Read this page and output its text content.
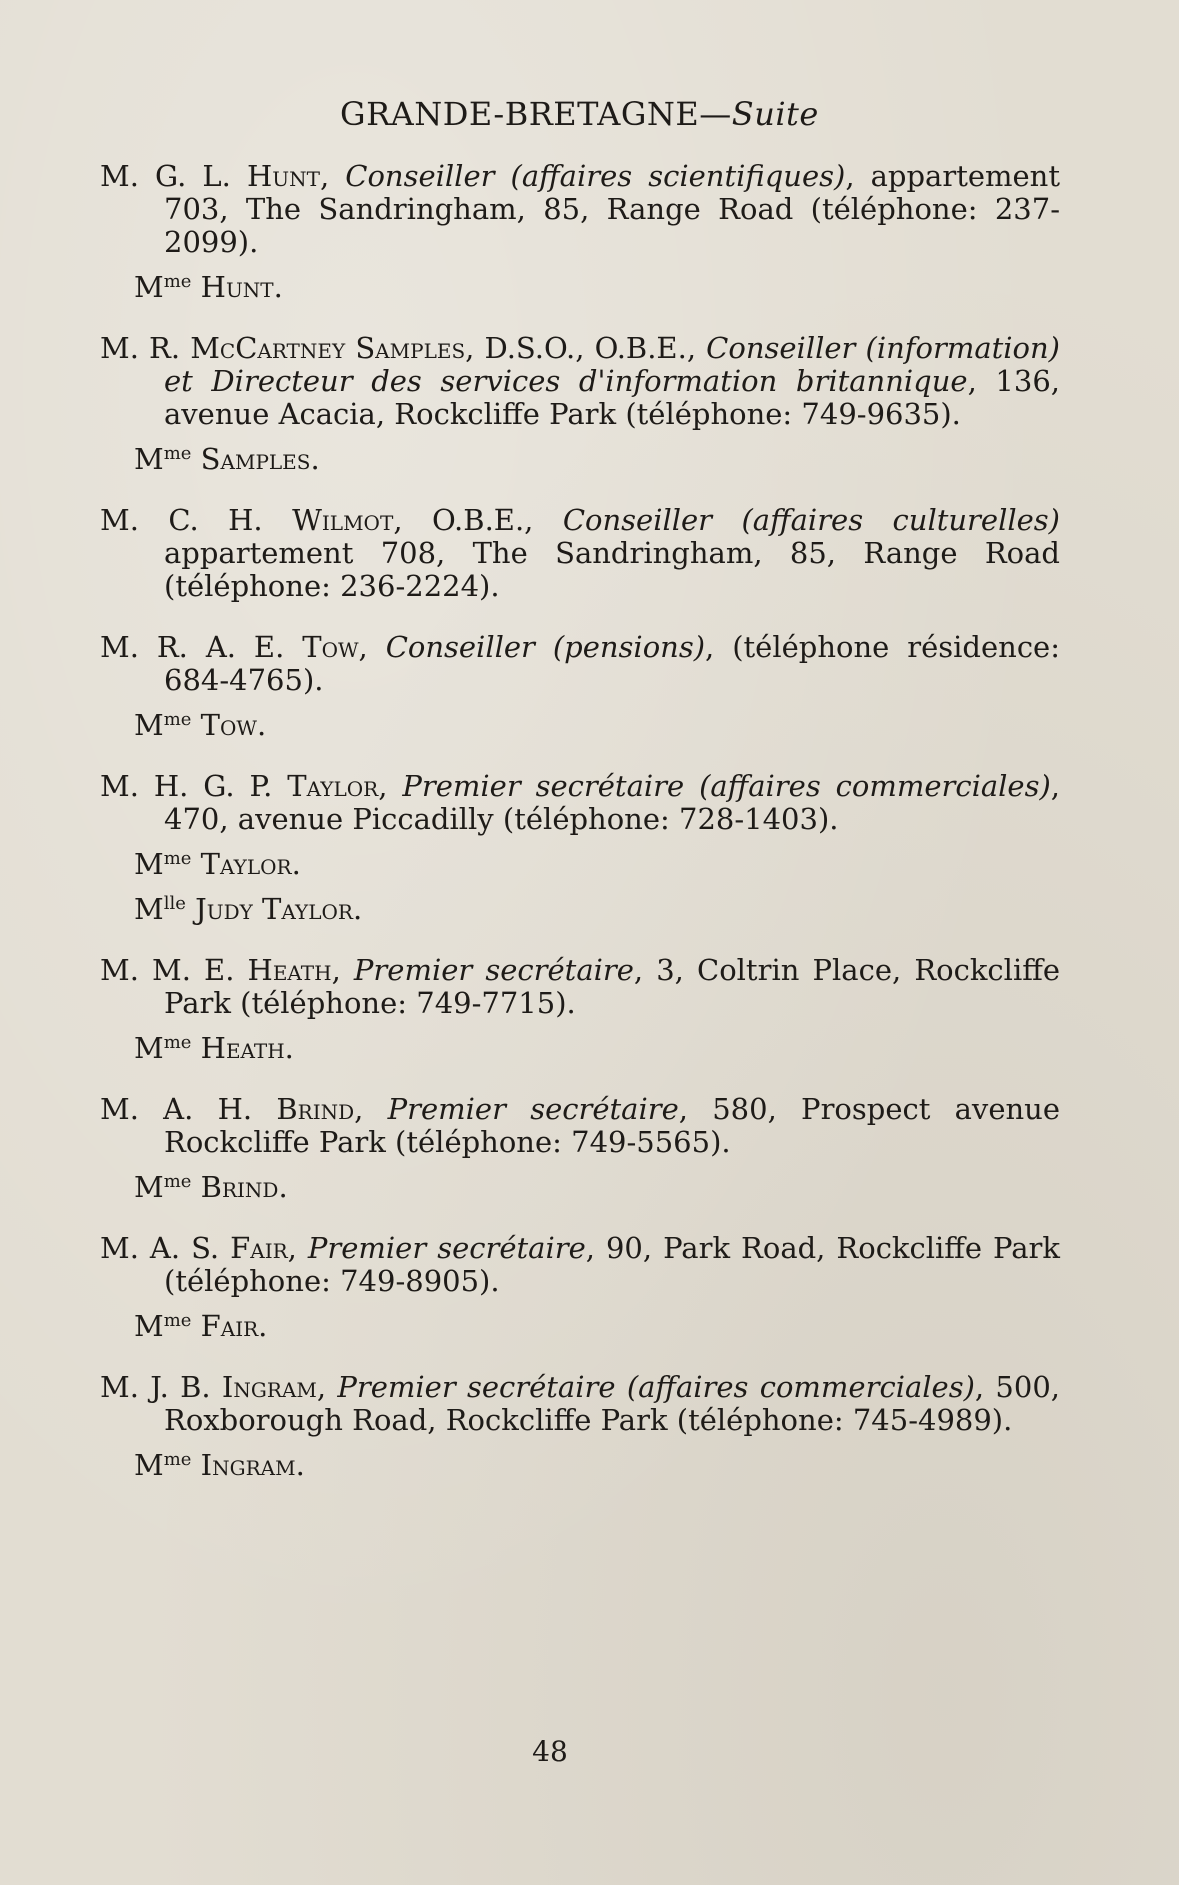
GRANDE-BRETAGNE—Suite
M. G. L. Hunt, Conseiller (affaires scientifiques), appartement 703, The Sandringham, 85, Range Road (téléphone: 237-2099).
$M^{me}$ Hunt.
M. R. McCartney Samples, D.S.O., O.B.E., Conseiller (information) et Directeur des services d'information britannique, 136, avenue Acacia, Rockcliffe Park (téléphone: 749-9635).
$M^{me}$ Samples.
M. C. H. Wilmot, O.B.E., Conseiller (affaires culturelles) appartement 708, The Sandringham, 85, Range Road (téléphone: 236-2224).
M. R. A. E. Tow, Conseiller (pensions), (téléphone résidence: 684-4765).
$M^{me}$ Tow.
M. H. G. P. Taylor, Premier secrétaire (affaires commerciales), 470, avenue Piccadilly (téléphone: 728-1403).
$M^{me}$ Taylor.
$M^{lle}$ Judy Taylor.
M. M. E. Heath, Premier secrétaire, 3, Coltrin Place, Rockcliffe Park (téléphone: 749-7715).
$M^{me}$ Heath.
M. A. H. Brind, Premier secrétaire, 580, Prospect avenue Rockcliffe Park (téléphone: 749-5565).
$M^{me}$ Brind.
M. A. S. Fair, Premier secrétaire, 90, Park Road, Rockcliffe Park (téléphone: 749-8905).
$M^{me}$ Fair.
M. J. B. Ingram, Premier secrétaire (affaires commerciales), 500, Roxborough Road, Rockcliffe Park (téléphone: 745-4989).
$M^{me}$ Ingram.
48
